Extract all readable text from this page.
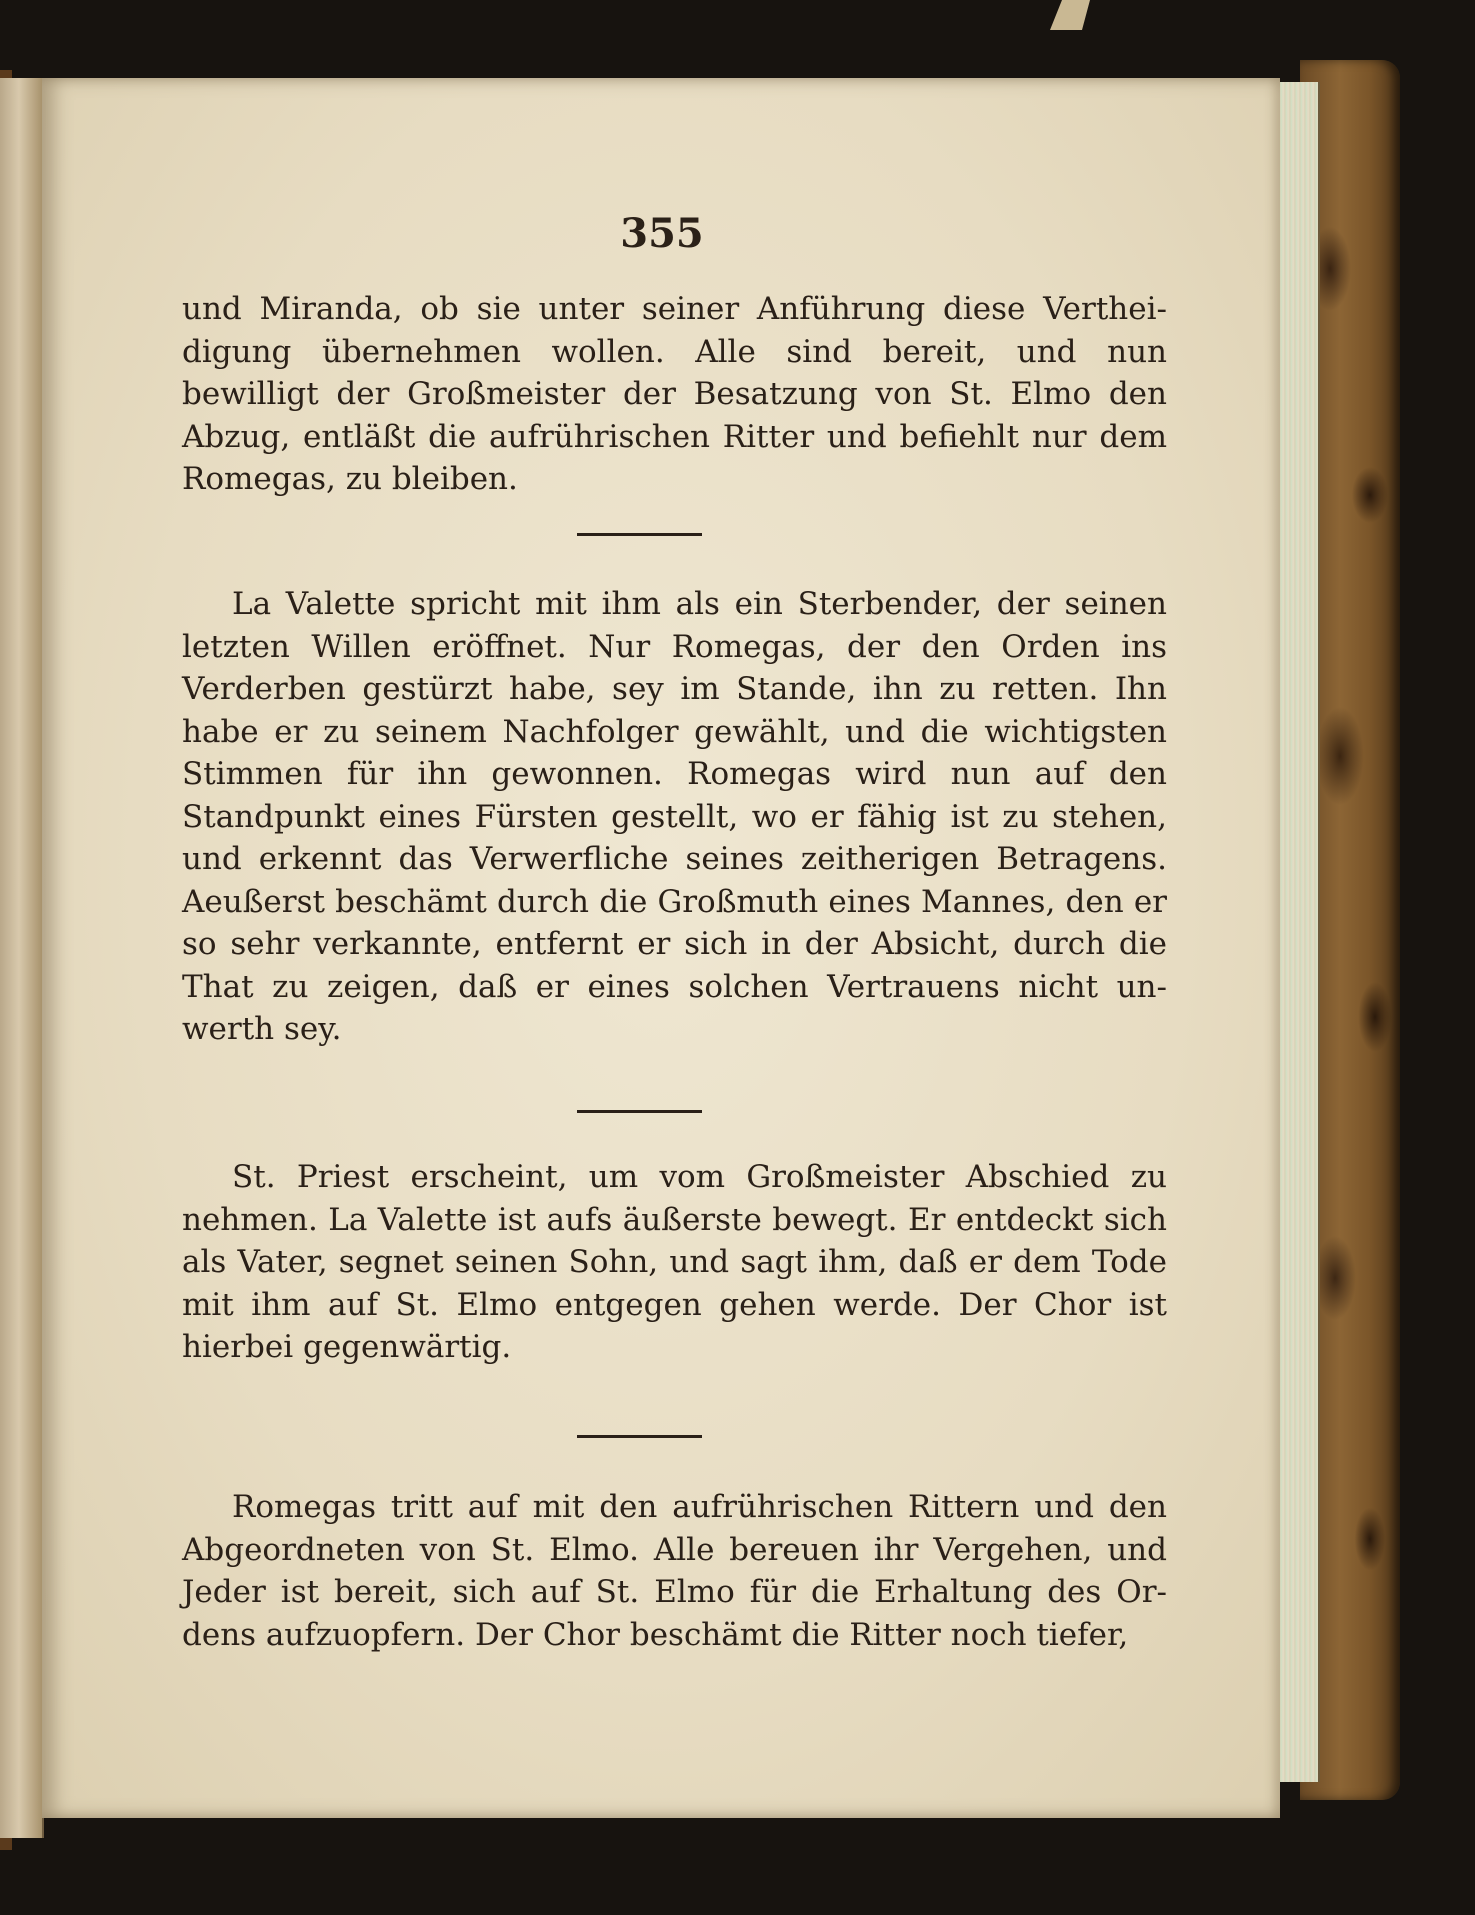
355

und Miranda, ob sie unter seiner Anführung diese Vertheidigung übernehmen wollen. Alle sind bereit, und nun bewilligt der Großmeister der Besatzung von St. Elmo den Abzug, entläßt die aufrührischen Ritter und befiehlt nur dem Romegas, zu bleiben.

La Valette spricht mit ihm als ein Sterbender, der seinen letzten Willen eröffnet. Nur Romegas, der den Orden ins Verderben gestürzt habe, sey im Stande, ihn zu retten. Ihn habe er zu seinem Nachfolger gewählt, und die wichtigsten Stimmen für ihn gewonnen. Romegas wird nun auf den Standpunkt eines Fürsten gestellt, wo er fähig ist zu stehen, und erkennt das Verwerfliche seines zeitherigen Betragens. Aeußerst beschämt durch die Großmuth eines Mannes, den er so sehr verkannte, entfernt er sich in der Absicht, durch die That zu zeigen, daß er eines solchen Vertrauens nicht unwerth sey.

St. Priest erscheint, um vom Großmeister Abschied zu nehmen. La Valette ist aufs äußerste bewegt. Er entdeckt sich als Vater, segnet seinen Sohn, und sagt ihm, daß er dem Tode mit ihm auf St. Elmo entgegen gehen werde. Der Chor ist hierbei gegenwärtig.

Romegas tritt auf mit den aufrührischen Rittern und den Abgeordneten von St. Elmo. Alle bereuen ihr Vergehen, und Jeder ist bereit, sich auf St. Elmo für die Erhaltung des Ordens aufzuopfern. Der Chor beschämt die Ritter noch tiefer,
